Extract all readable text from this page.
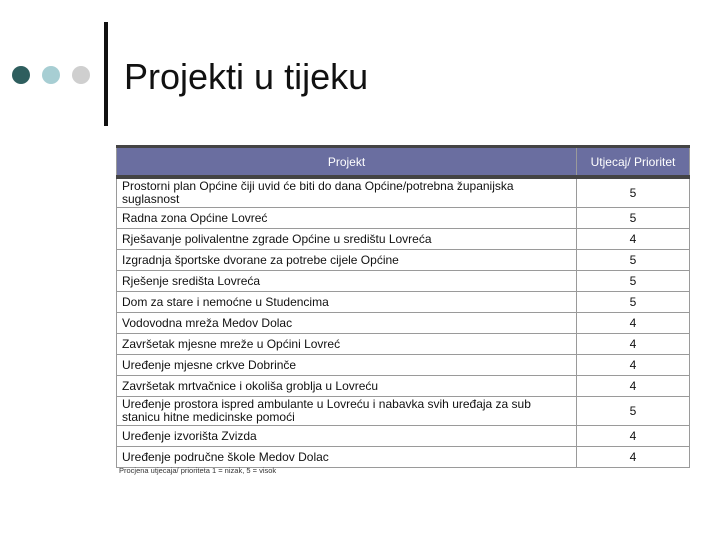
Projekti u tijeku
Projekt	Utjecaj/ Prioritet
Prostorni plan Općine čiji uvid će biti do dana Općine/potrebna županijska suglasnost	5
Radna zona Općine Lovreć	5
Rješavanje polivalentne zgrade Općine u središtu Lovreća	4
Izgradnja športske dvorane za potrebe cijele Općine	5
Rješenje središta Lovreća	5
Dom za stare i nemoćne u Studencima	5
Vodovodna mreža Medov Dolac	4
Završetak mjesne mreže u Općini Lovreć	4
Uređenje mjesne crkve Dobrinče	4
Završetak mrtvačnice i okoliša groblja u Lovreću	4
Uređenje prostora ispred ambulante u Lovreću i nabavka svih uređaja za sub stanicu hitne medicinske pomoći	5
Uređenje izvorišta Zvizda	4
Uređenje područne škole Medov Dolac	4
Procjena utjecaja/ prioriteta 1 = nizak, 5 = visok
